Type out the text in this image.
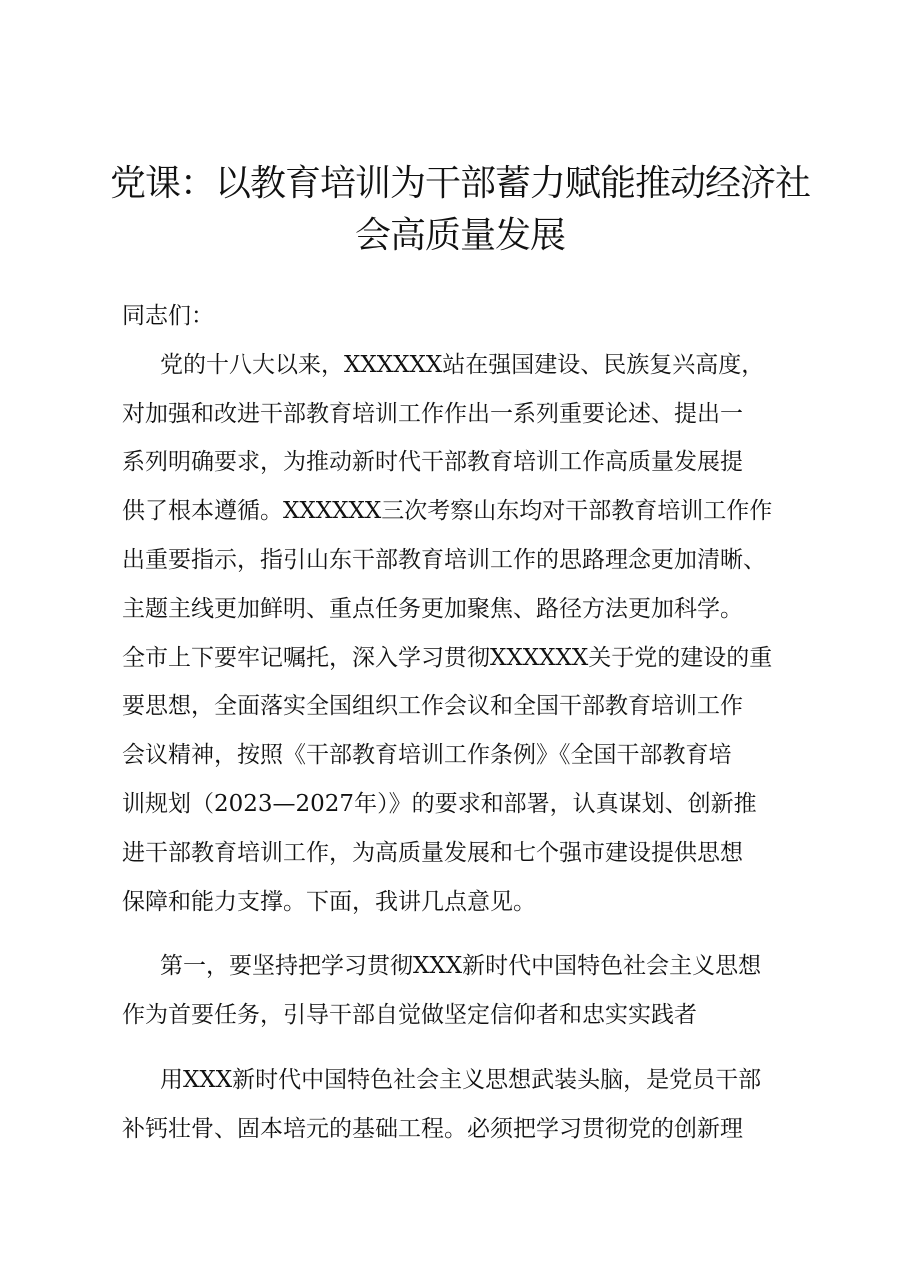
党课：以教育培训为干部蓄力赋能推动经济社
会高质量发展
同志们：
党的十八大以来，XXXXXX站在强国建设、民族复兴高度，
对加强和改进干部教育培训工作作出一系列重要论述、提出一
系列明确要求，为推动新时代干部教育培训工作高质量发展提
供了根本遵循。XXXXXX三次考察山东均对干部教育培训工作作
出重要指示，指引山东干部教育培训工作的思路理念更加清晰、
主题主线更加鲜明、重点任务更加聚焦、路径方法更加科学。
全市上下要牢记嘱托，深入学习贯彻XXXXXX关于党的建设的重
要思想，全面落实全国组织工作会议和全国干部教育培训工作
会议精神，按照《干部教育培训工作条例》《全国干部教育培
训规划（2023—2027年）》的要求和部署，认真谋划、创新推
进干部教育培训工作，为高质量发展和七个强市建设提供思想
保障和能力支撑。下面，我讲几点意见。
第一，要坚持把学习贯彻XXX新时代中国特色社会主义思想
作为首要任务，引导干部自觉做坚定信仰者和忠实实践者
用XXX新时代中国特色社会主义思想武装头脑，是党员干部
补钙壮骨、固本培元的基础工程。必须把学习贯彻党的创新理
